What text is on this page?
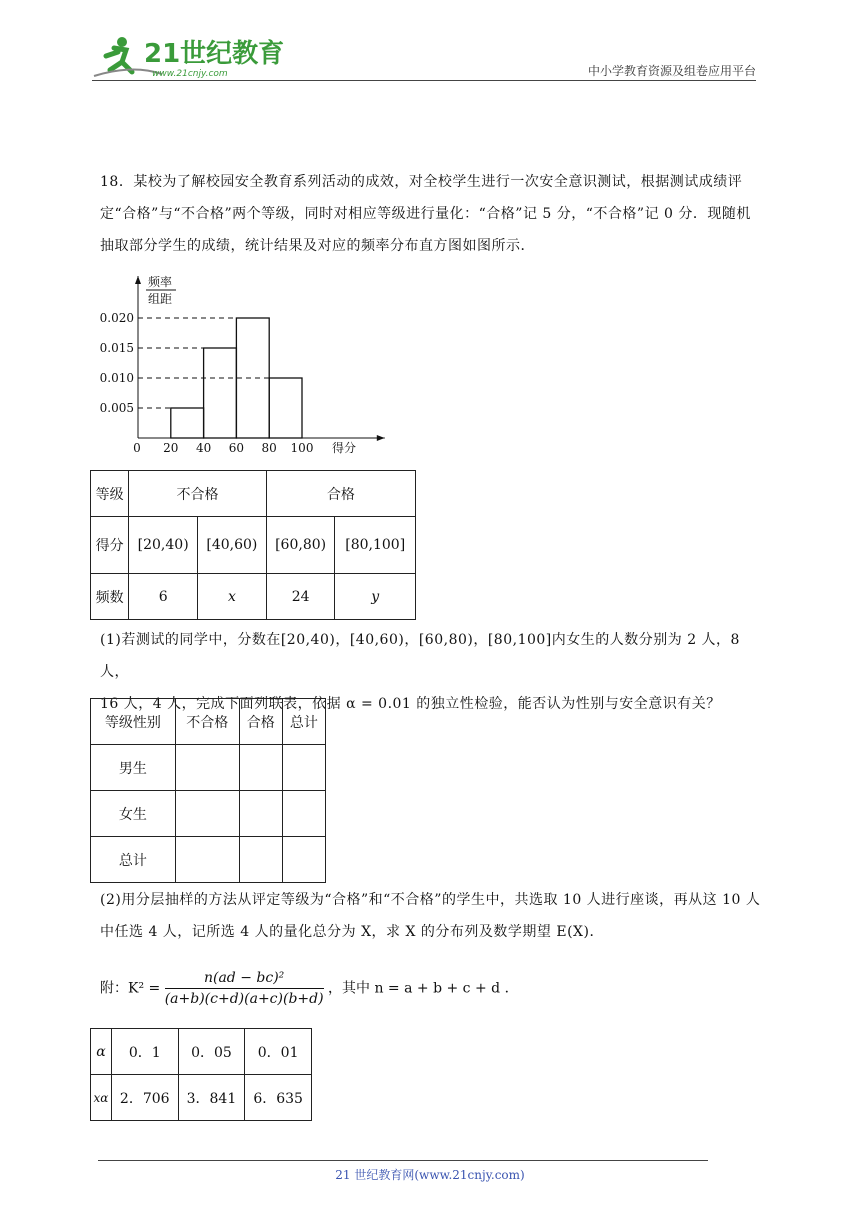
21世纪教育
www.21cnjy.com	中小学教育资源及组卷应用平台

18．某校为了解校园安全教育系列活动的成效，对全校学生进行一次安全意识测试，根据测试成绩评

定“合格”与“不合格”两个等级，同时对相应等级进行量化：“合格”记 5 分，“不合格”记 0 分．现随机

抽取部分学生的成绩，统计结果及对应的频率分布直方图如图所示．

频率
组距
得分
0.005
0.010
0.015
0.020
0 20 40 60 80 100
等级	不合格		合格	
得分	[20,40)	[40,60)	[60,80)	[80,100]
频数	6	x	24	y

(1)若测试的同学中，分数在[20,40)，[40,60)，[60,80)，[80,100]内女生的人数分别为 2 人，8 人，

16 人，4 人，完成下面列联表，依据 α = 0.01 的独立性检验，能否认为性别与安全意识有关？

等级性别	不合格	合格	总计
男生			
女生			
总计			

(2)用分层抽样的方法从评定等级为“合格”和“不合格”的学生中，共选取 10 人进行座谈，再从这 10 人

中任选 4 人，记所选 4 人的量化总分为 X，求 X 的分布列及数学期望 E(X)．

附：$K^2 = \frac{\text{n(ad − bc)²}}{(a+b)(c+d)(a+c)(b+d)}$ ，其中 n = a + b + c + d ．
α	0．1	0．05	0．01
xα	2．706	3．841	6．635
21 世纪教育网(www.21cnjy.com)
